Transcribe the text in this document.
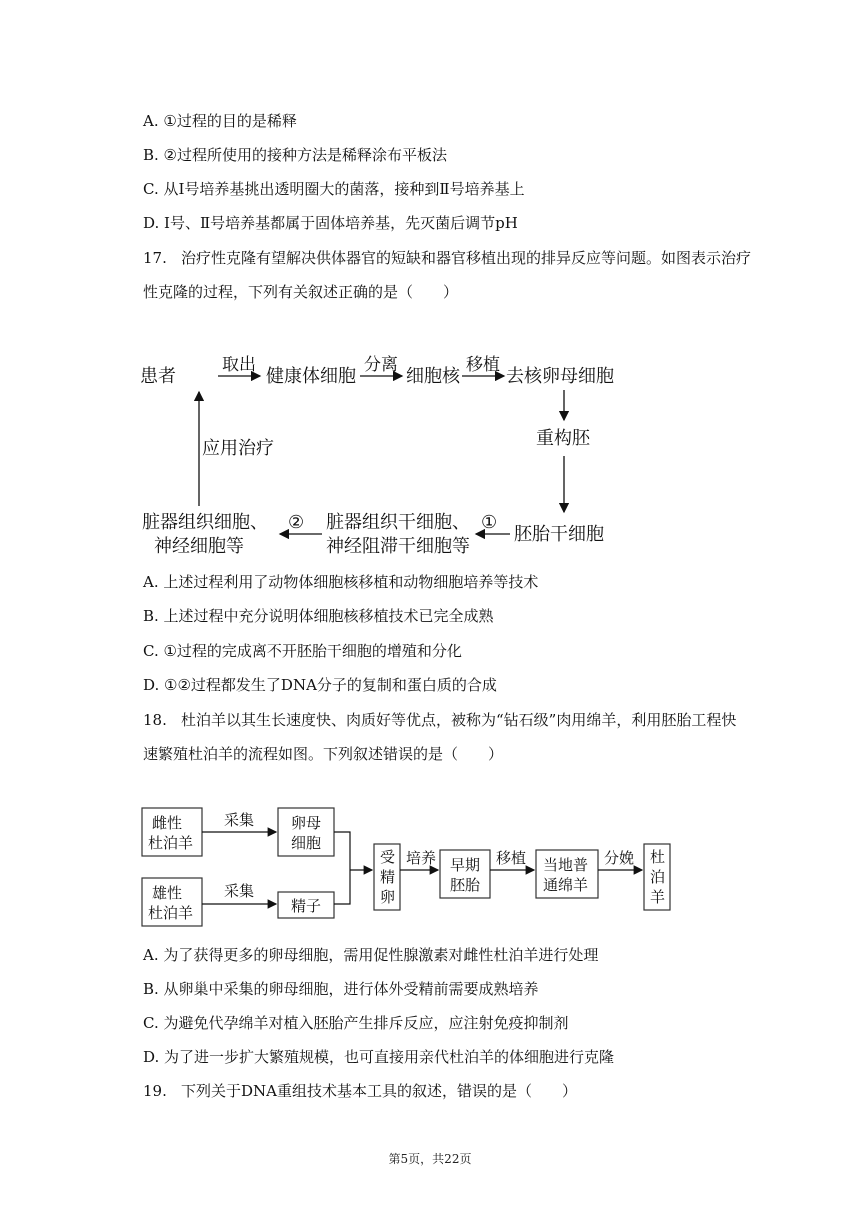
A. ①过程的目的是稀释
B. ②过程所使用的接种方法是稀释涂布平板法
C. 从Ⅰ号培养基挑出透明圈大的菌落，接种到Ⅱ号培养基上
D. Ⅰ号、Ⅱ号培养基都属于固体培养基，先灭菌后调节pH
17. 治疗性克隆有望解决供体器官的短缺和器官移植出现的排异反应等问题。如图表示治疗
性克隆的过程，下列有关叙述正确的是（　　）
患者
取出
健康体细胞
分离
细胞核
移植
去核卵母细胞
重构胚
胚胎干细胞
①
脏器组织干细胞、
神经阻滞干细胞等
②
脏器组织细胞、
神经细胞等
应用治疗
A. 上述过程利用了动物体细胞核移植和动物细胞培养等技术
B. 上述过程中充分说明体细胞核移植技术已完全成熟
C. ①过程的完成离不开胚胎干细胞的增殖和分化
D. ①②过程都发生了DNA分子的复制和蛋白质的合成
18. 杜泊羊以其生长速度快、肉质好等优点，被称为“钻石级”肉用绵羊，利用胚胎工程快
速繁殖杜泊羊的流程如图。下列叙述错误的是（　　）
雌性
杜泊羊
采集 卵母
细胞
雄性
杜泊羊
采集
精子
受
精
卵
培养 早期
胚胎
移植 当地普
通绵羊
分娩 杜
泊
羊
A. 为了获得更多的卵母细胞，需用促性腺激素对雌性杜泊羊进行处理
B. 从卵巢中采集的卵母细胞，进行体外受精前需要成熟培养
C. 为避免代孕绵羊对植入胚胎产生排斥反应，应注射免疫抑制剂
D. 为了进一步扩大繁殖规模，也可直接用亲代杜泊羊的体细胞进行克隆
19. 下列关于DNA重组技术基本工具的叙述，错误的是（　　）
第5页，共22页
